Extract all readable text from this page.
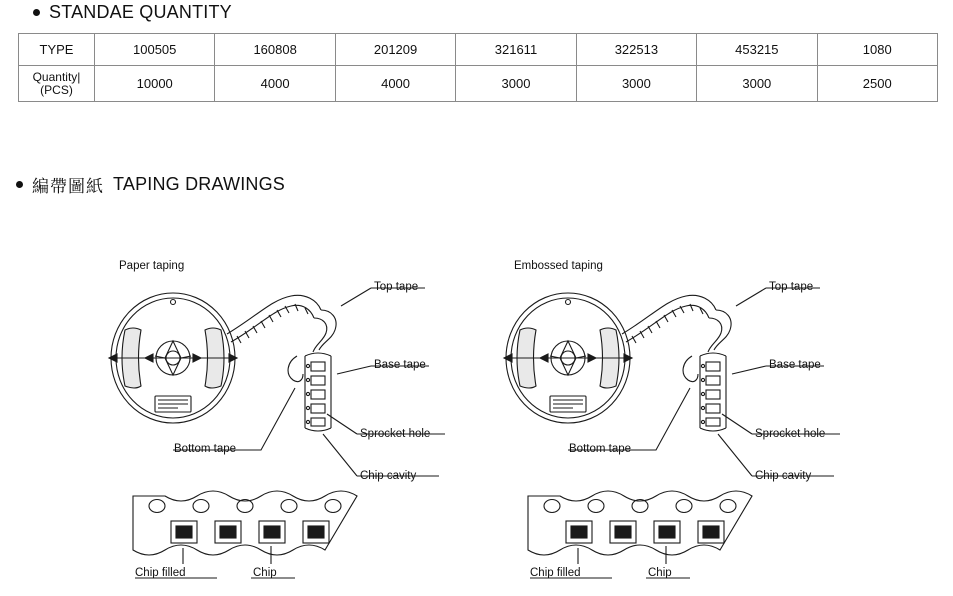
STANDAE QUANTITY
TYPE	100505	160808	201209	321611	322513	453215	1080
Quantity|
(PCS)	10000	4000	4000	3000	3000	3000	2500
編帶圖紙 TAPING DRAWINGS
Paper taping
Top tape
Base tape
Sprocket hole
Chip cavity
Bottom tape
Chip filled	Chip
Embossed taping
Top tape
Base tape
Sprocket hole
Chip cavity
Bottom tape
Chip filled	Chip
